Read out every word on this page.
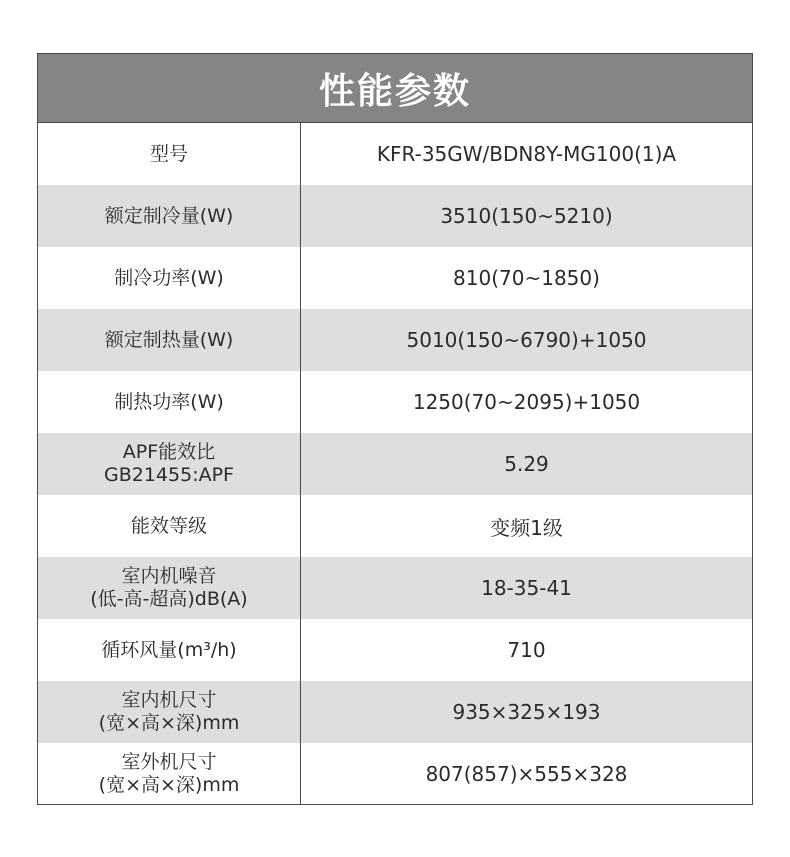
性能参数
型号	KFR-35GW/BDN8Y-MG100(1)A
额定制冷量(W)	3510(150~5210)
制冷功率(W)	810(70~1850)
额定制热量(W)	5010(150~6790)+1050
制热功率(W)	1250(70~2095)+1050
APF能效比
GB21455:APF	5.29
能效等级	变频1级
室内机噪音
(低-高-超高)dB(A)	18-35-41
循环风量(m³/h)	710
室内机尺寸
(宽×高×深)mm	935×325×193
室外机尺寸
(宽×高×深)mm	807(857)×555×328
